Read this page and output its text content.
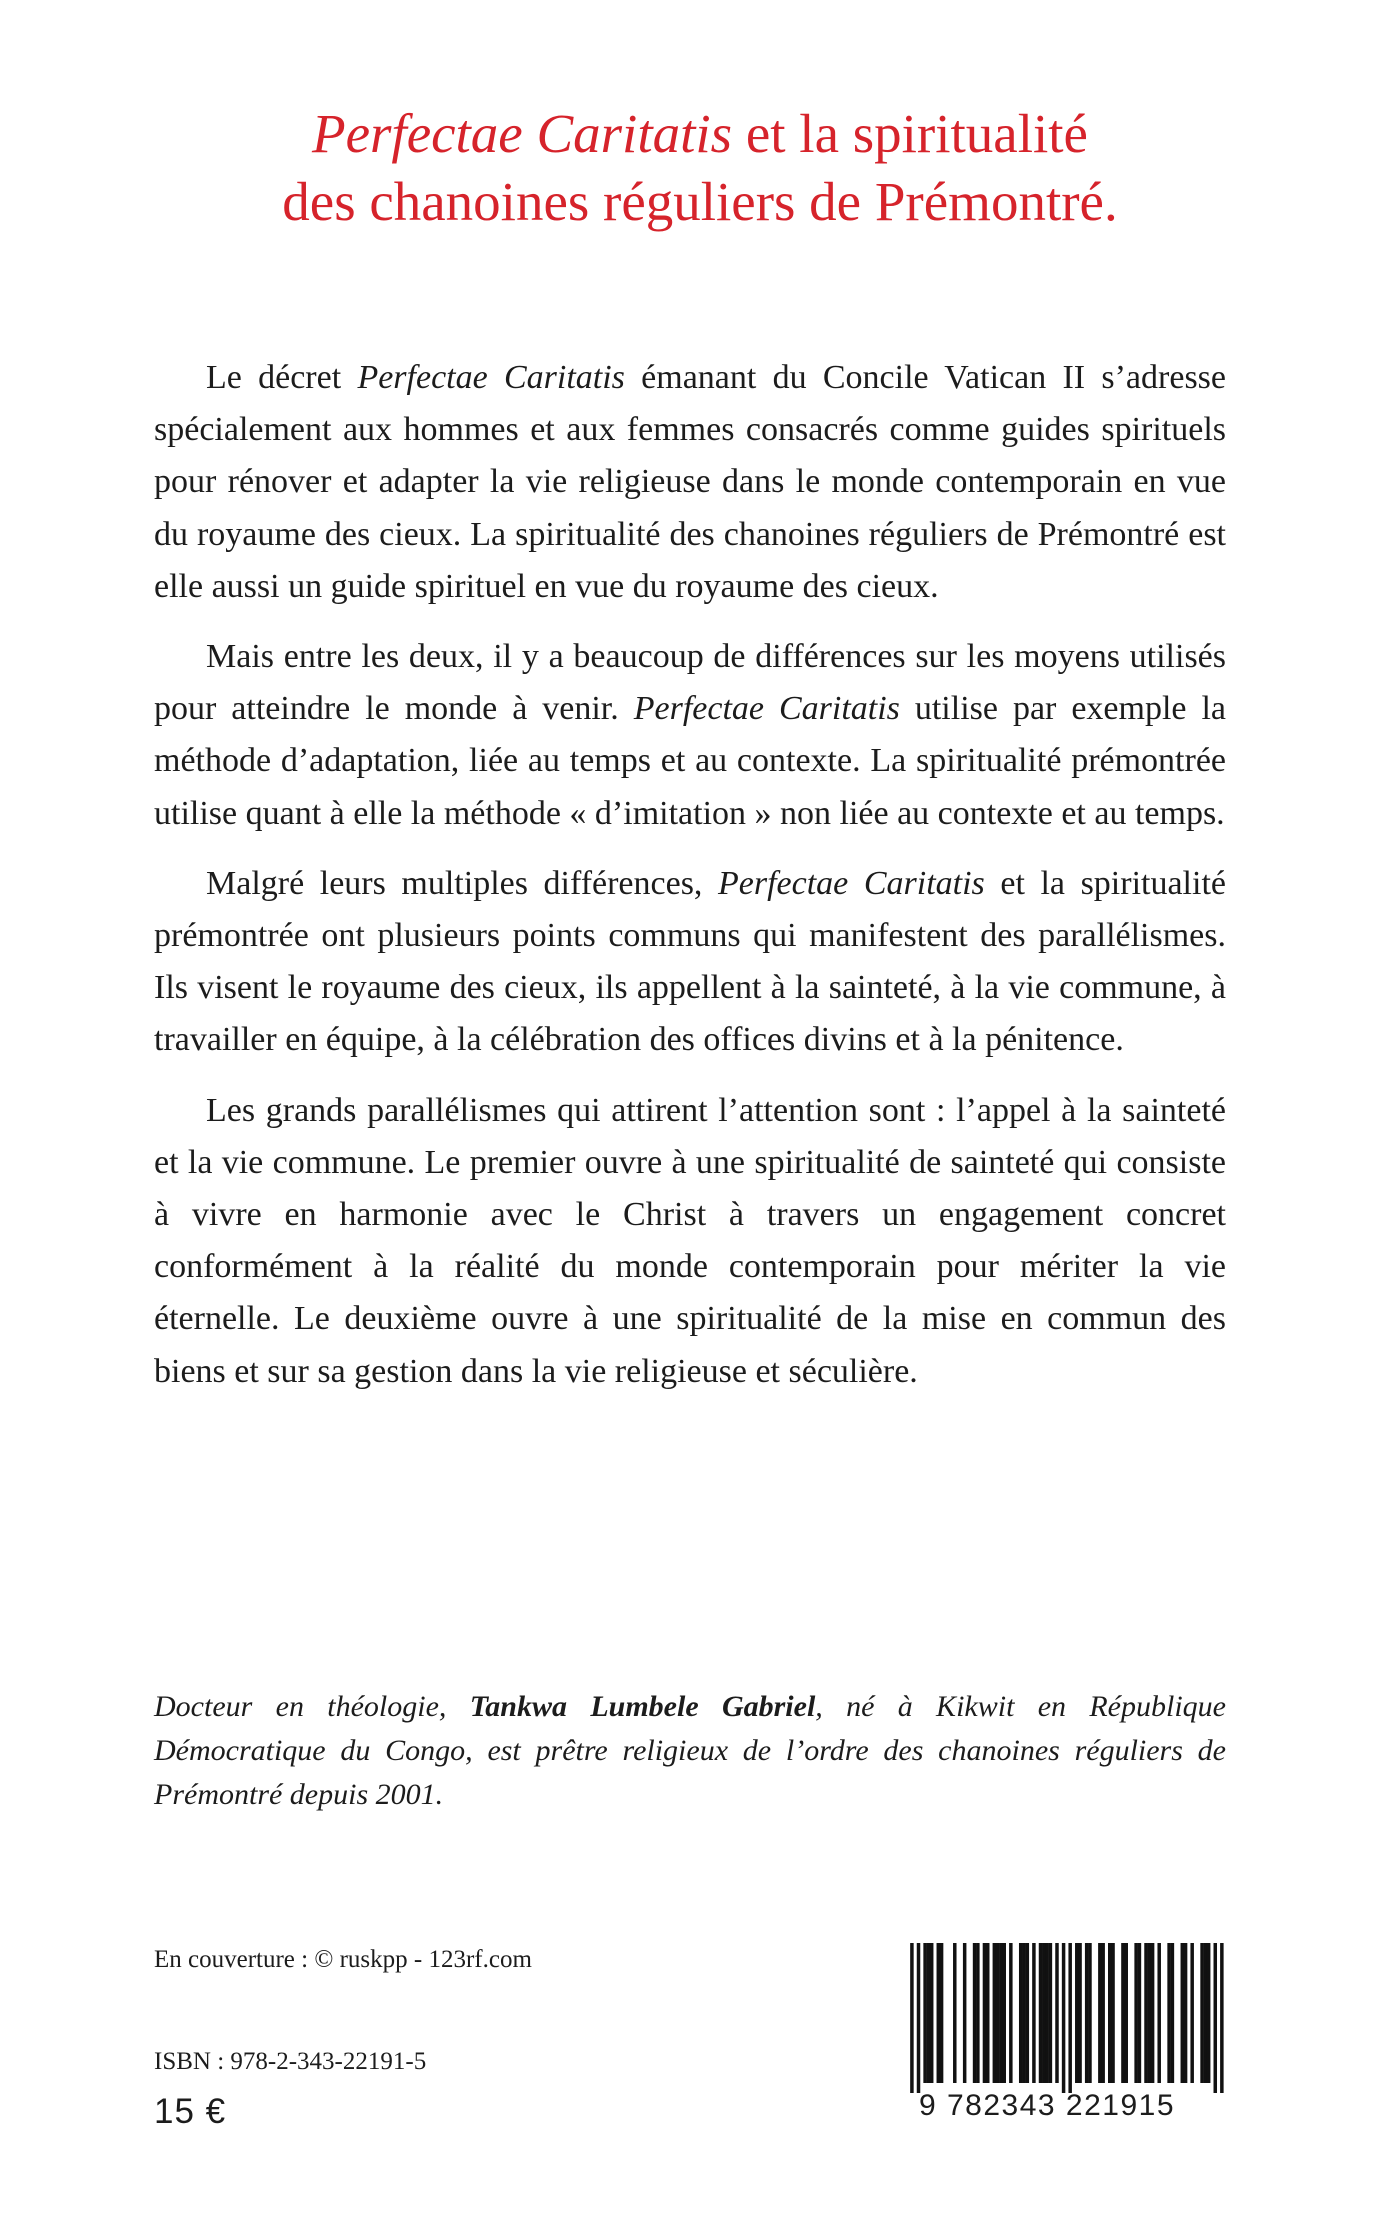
Perfectae Caritatis et la spiritualité
des chanoines réguliers de Prémontré.

Le décret Perfectae Caritatis émanant du Concile Vatican II s’adresse spécialement aux hommes et aux femmes consacrés comme guides spirituels pour rénover et adapter la vie religieuse dans le monde contemporain en vue du royaume des cieux. La spiritualité des chanoines réguliers de Prémontré est elle aussi un guide spirituel en vue du royaume des cieux.

Mais entre les deux, il y a beaucoup de différences sur les moyens utilisés pour atteindre le monde à venir. Perfectae Caritatis utilise par exemple la méthode d’adaptation, liée au temps et au contexte. La spiritualité prémontrée utilise quant à elle la méthode « d’imitation » non liée au contexte et au temps.

Malgré leurs multiples différences, Perfectae Caritatis et la spiritualité prémontrée ont plusieurs points communs qui manifestent des parallélismes. Ils visent le royaume des cieux, ils appellent à la sainteté, à la vie commune, à travailler en équipe, à la célébration des offices divins et à la pénitence.

Les grands parallélismes qui attirent l’attention sont : l’appel à la sainteté et la vie commune. Le premier ouvre à une spiritualité de sainteté qui consiste à vivre en harmonie avec le Christ à travers un engagement concret conformément à la réalité du monde contemporain pour mériter la vie éternelle. Le deuxième ouvre à une spiritualité de la mise en commun des biens et sur sa gestion dans la vie religieuse et séculière.

Docteur en théologie, Tankwa Lumbele Gabriel, né à Kikwit en République Démocratique du Congo, est prêtre religieux de l’ordre des chanoines réguliers de Prémontré depuis 2001.
En couverture : © ruskpp - 123rf.com
ISBN : 978-2-343-22191-5
15 €	9 782343 221915
